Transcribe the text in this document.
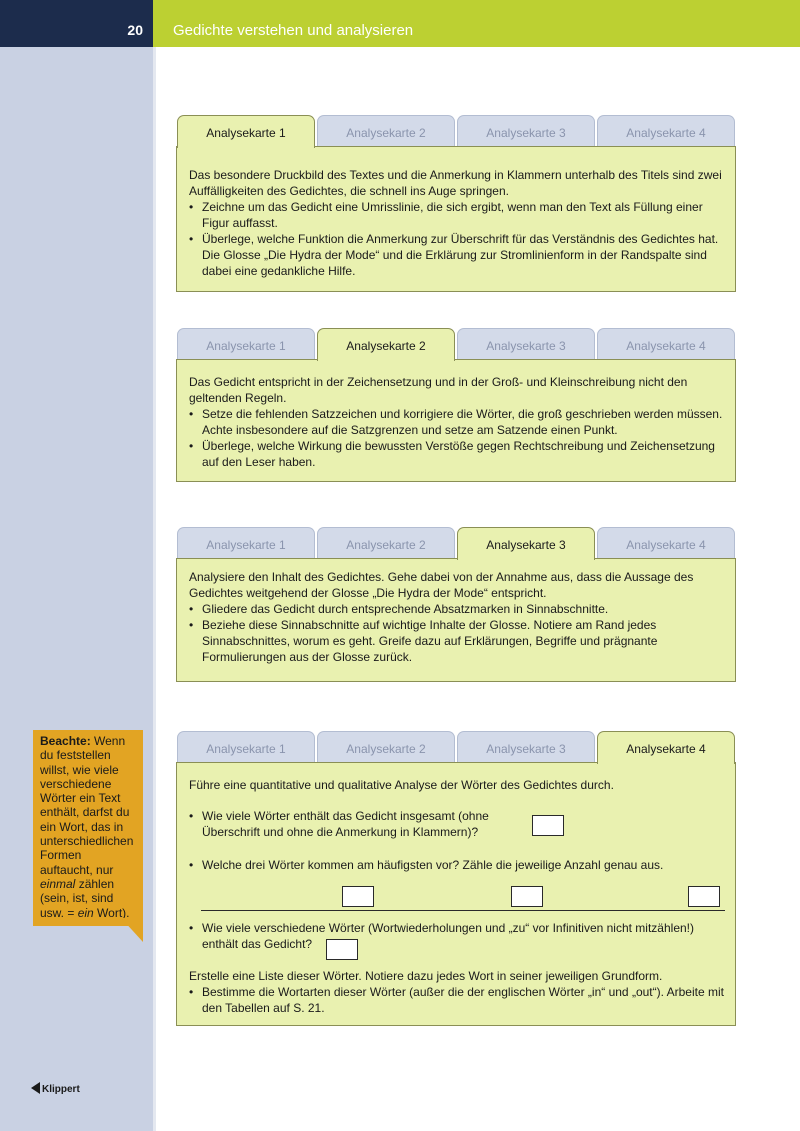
20 Gedichte verstehen und analysieren
Analysekarte 1	Analysekarte 2	Analysekarte 3	Analysekarte 4

Das besondere Druckbild des Textes und die Anmerkung in Klammern unterhalb des Titels sind zwei Auffälligkeiten des Gedichtes, die schnell ins Auge springen.

• Zeichne um das Gedicht eine Umrisslinie, die sich ergibt, wenn man den Text als Füllung einer Figur auffasst.
• Überlege, welche Funktion die Anmerkung zur Überschrift für das Verständnis des Gedichtes hat. Die Glosse „Die Hydra der Mode“ und die Erklärung zur Stromlinienform in der Randspalte sind dabei eine gedankliche Hilfe.
Analysekarte 1	Analysekarte 2	Analysekarte 3	Analysekarte 4

Das Gedicht entspricht in der Zeichensetzung und in der Groß- und Kleinschreibung nicht den geltenden Regeln.

• Setze die fehlenden Satzzeichen und korrigiere die Wörter, die groß geschrieben werden müssen. Achte insbesondere auf die Satzgrenzen und setze am Satzende einen Punkt.
• Überlege, welche Wirkung die bewussten Verstöße gegen Rechtschreibung und Zeichensetzung auf den Leser haben.
Analysekarte 1	Analysekarte 2	Analysekarte 3	Analysekarte 4

Analysiere den Inhalt des Gedichtes. Gehe dabei von der Annahme aus, dass die Aussage des Gedichtes weitgehend der Glosse „Die Hydra der Mode“ entspricht.

• Gliedere das Gedicht durch entsprechende Absatzmarken in Sinnabschnitte.
• Beziehe diese Sinnabschnitte auf wichtige Inhalte der Glosse. Notiere am Rand jedes Sinnabschnittes, worum es geht. Greife dazu auf Erklärungen, Begriffe und prägnante Formulierungen aus der Glosse zurück.
Analysekarte 1	Analysekarte 2	Analysekarte 3	Analysekarte 4

Führe eine quantitative und qualitative Analyse der Wörter des Gedichtes durch.

• Wie viele Wörter enthält das Gedicht insgesamt (ohne Überschrift und ohne die Anmerkung in Klammern)?
• Welche drei Wörter kommen am häufigsten vor? Zähle die jeweilige Anzahl genau aus.
• Wie viele verschiedene Wörter (Wortwiederholungen und „zu“ vor Infinitiven nicht mitzählen!) enthält das Gedicht?

Erstelle eine Liste dieser Wörter. Notiere dazu jedes Wort in seiner jeweiligen Grundform.

• Bestimme die Wortarten dieser Wörter (außer die der englischen Wörter „in“ und „out“). Arbeite mit den Tabellen auf S. 21.
Beachte: Wenn du feststellen willst, wie viele verschiedene Wörter ein Text enthält, darfst du ein Wort, das in unterschiedlichen Formen auftaucht, nur einmal zählen (sein, ist, sind usw. = ein Wort).
Klippert
